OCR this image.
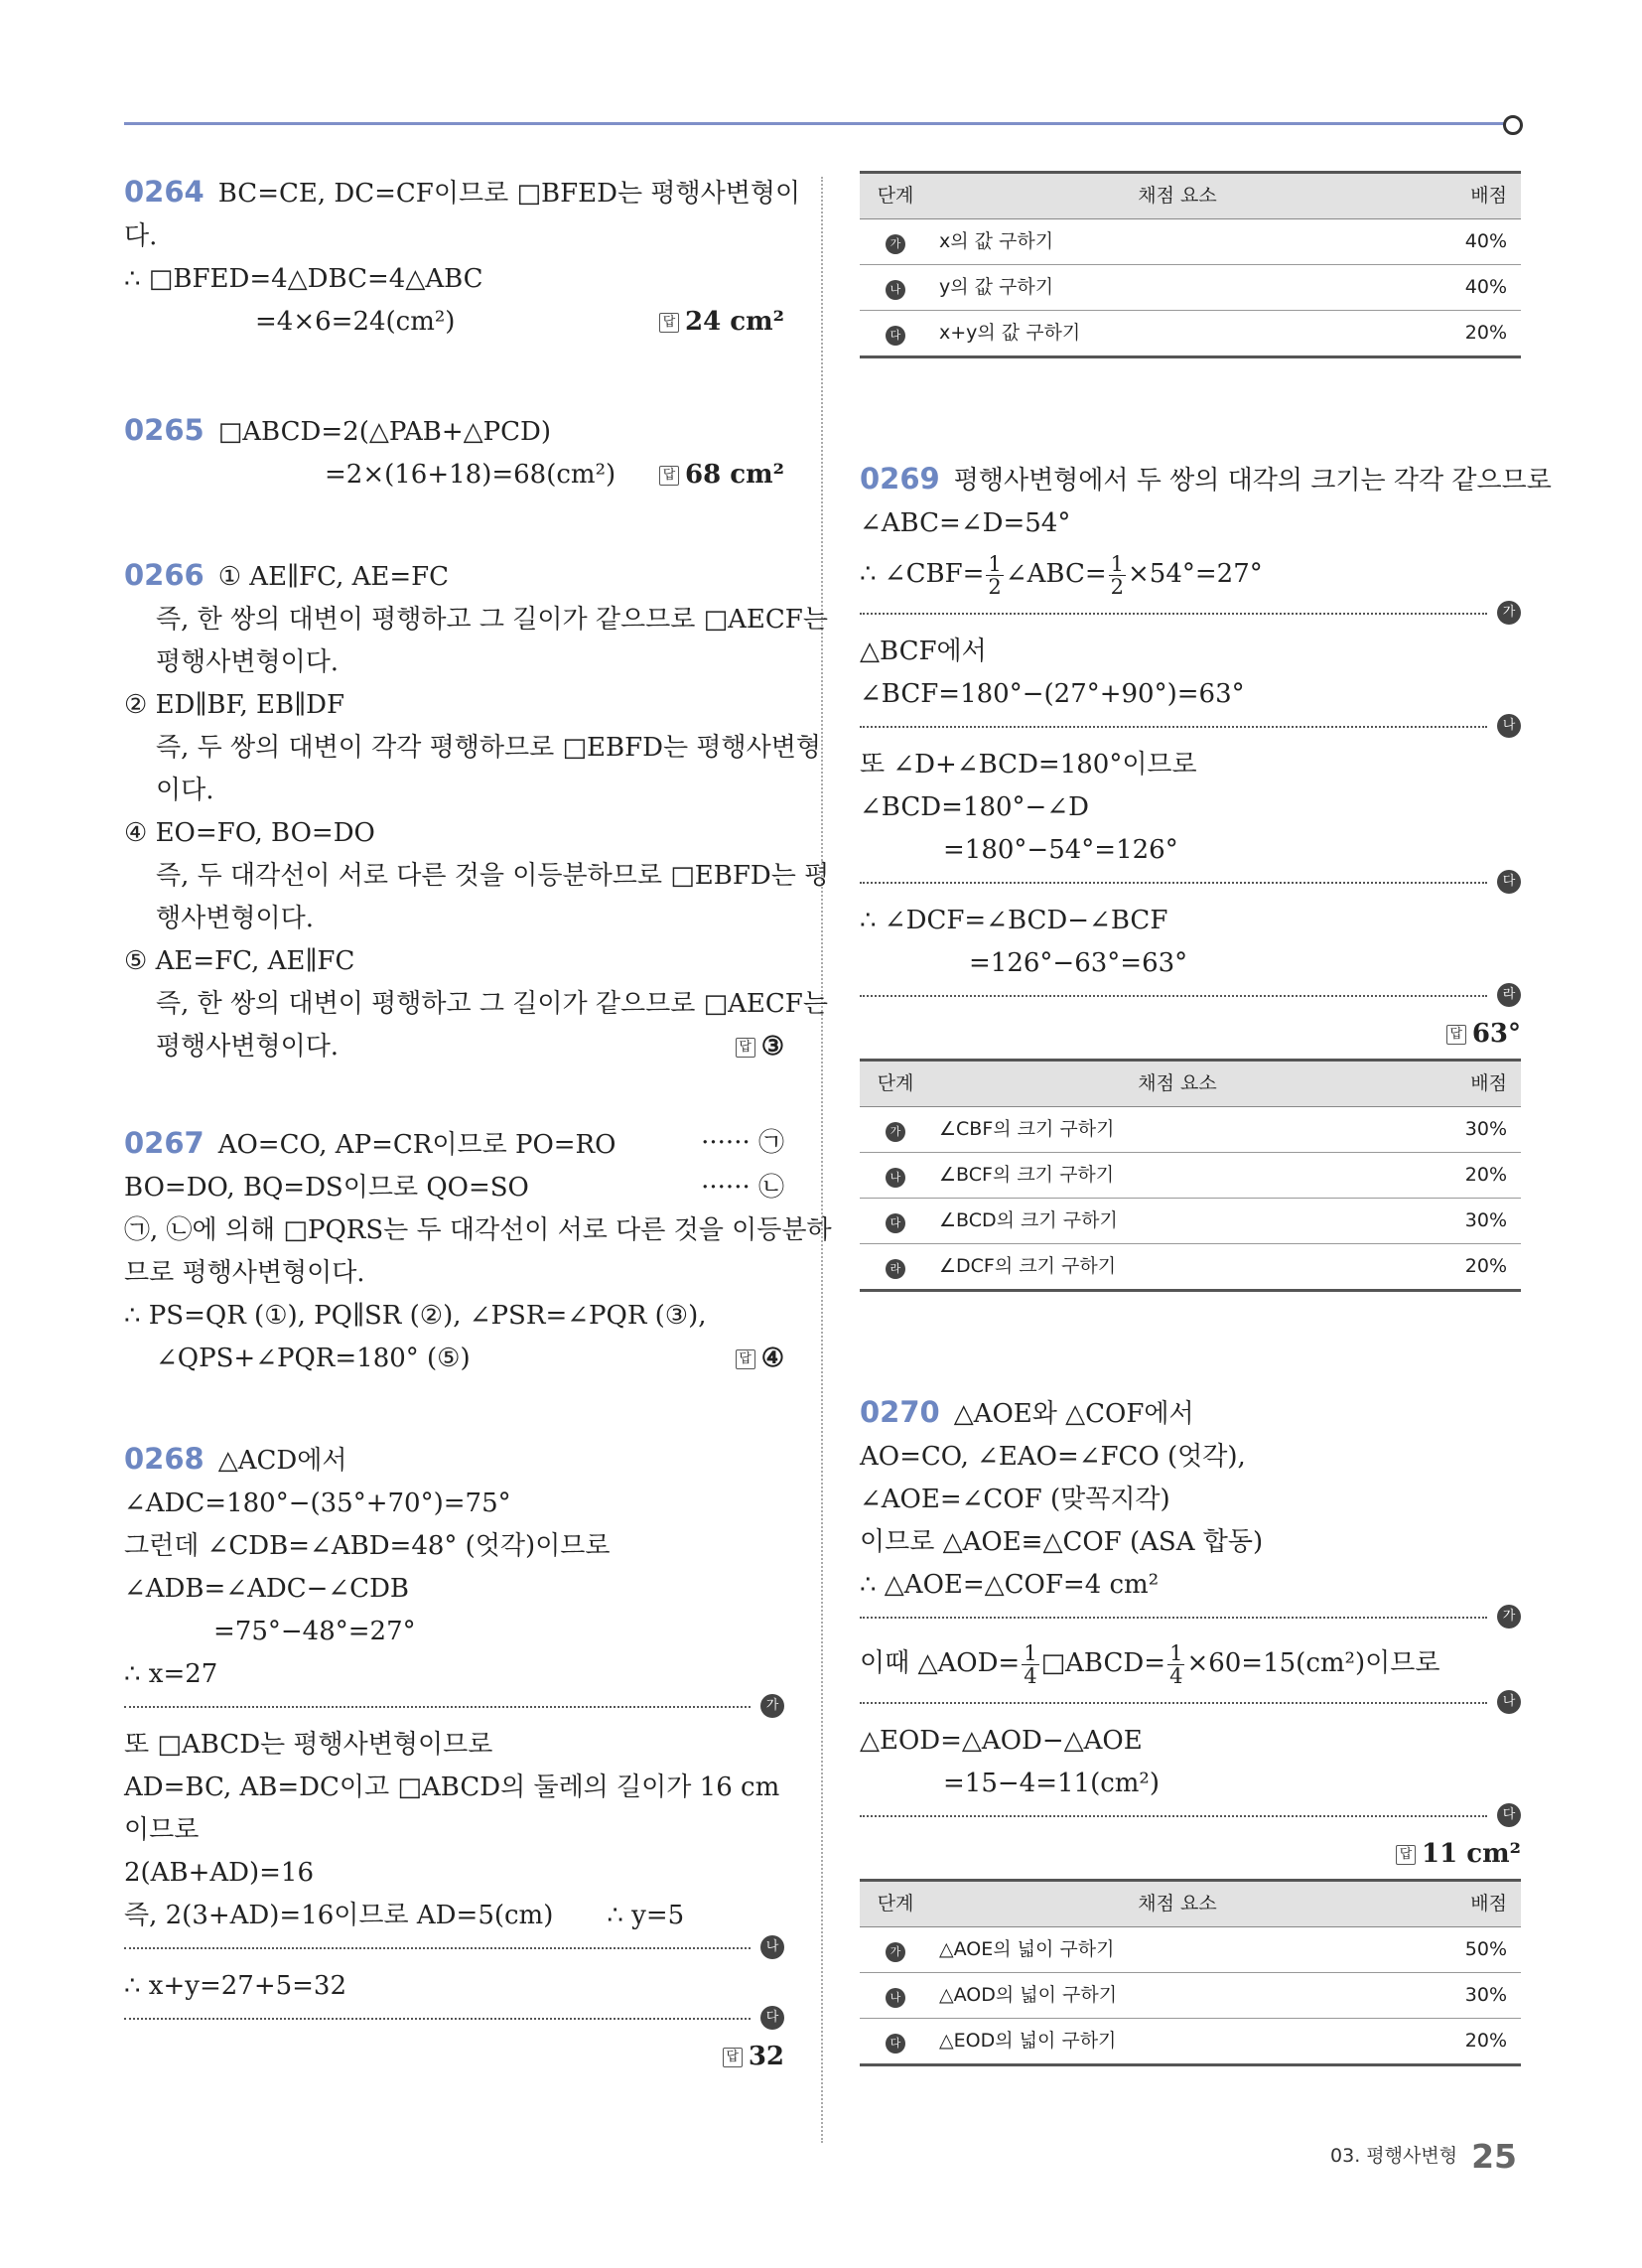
0264 BC=CE, DC=CF이므로 □BFED는 평행사변형이
다.
∴ □BFED=4△DBC=4△ABC
=4×6=24(cm²)	답 24 cm²
0265 □ABCD=2(△PAB+△PCD)
=2×(16+18)=68(cm²)	답 68 cm²
0266 ① AE∥FC, AE=FC
즉, 한 쌍의 대변이 평행하고 그 길이가 같으므로 □AECF는
평행사변형이다.
② ED∥BF, EB∥DF
즉, 두 쌍의 대변이 각각 평행하므로 □EBFD는 평행사변형
이다.
④ EO=FO, BO=DO
즉, 두 대각선이 서로 다른 것을 이등분하므로 □EBFD는 평
행사변형이다.
⑤ AE=FC, AE∥FC
즉, 한 쌍의 대변이 평행하고 그 길이가 같으므로 □AECF는
평행사변형이다.	답 ③
0267 AO=CO, AP=CR이므로 PO=RO	······ ㉠
BO=DO, BQ=DS이므로 QO=SO	······ ㉡
㉠, ㉡에 의해 □PQRS는 두 대각선이 서로 다른 것을 이등분하
므로 평행사변형이다.
∴ PS=QR (①), PQ∥SR (②), ∠PSR=∠PQR (③),
∠QPS+∠PQR=180° (⑤)	답 ④
0268 △ACD에서
∠ADC=180°−(35°+70°)=75°
그런데 ∠CDB=∠ABD=48° (엇각)이므로
∠ADB=∠ADC−∠CDB
=75°−48°=27°
∴ x=27
가
또 □ABCD는 평행사변형이므로
AD=BC, AB=DC이고 □ABCD의 둘레의 길이가 16 cm
이므로
2(AB+AD)=16
즉, 2(3+AD)=16이므로 AD=5(cm) ∴ y=5
나
∴ x+y=27+5=32
다
답 32
단계	채점 요소	배점
가	x의 값 구하기	40%
나	y의 값 구하기	40%
다	x+y의 값 구하기	20%
0269 평행사변형에서 두 쌍의 대각의 크기는 각각 같으므로
∠ABC=∠D=54°
∴ ∠CBF= $\frac{1}{2}$ ∠ABC= $\frac{1}{2} \times 54^\circ=27^\circ$
가
△BCF에서
∠BCF=180°−(27°+90°)=63°
나
또 ∠D+∠BCD=180°이므로
∠BCD=180°−∠D
=180°−54°=126°
다
∴ ∠DCF=∠BCD−∠BCF
=126°−63°=63°
라
답 63°
단계	채점 요소	배점
가	∠CBF의 크기 구하기	30%
나	∠BCF의 크기 구하기	20%
다	∠BCD의 크기 구하기	30%
라	∠DCF의 크기 구하기	20%
0270 △AOE와 △COF에서
AO=CO, ∠EAO=∠FCO (엇각),
∠AOE=∠COF (맞꼭지각)
이므로 △AOE≡△COF (ASA 합동)
∴ △AOE=△COF=4 cm²
가
이때 △AOD= $\frac{1}{4}$ □ABCD= $\frac{1}{4} \times 60=15(cm^2)$이므로
나
△EOD=△AOD−△AOE
=15−4=11(cm²)
다
답 11 cm²
단계	채점 요소	배점
가	△AOE의 넓이 구하기	50%
나	△AOD의 넓이 구하기	30%
다	△EOD의 넓이 구하기	20%
03. 평행사변형 25
